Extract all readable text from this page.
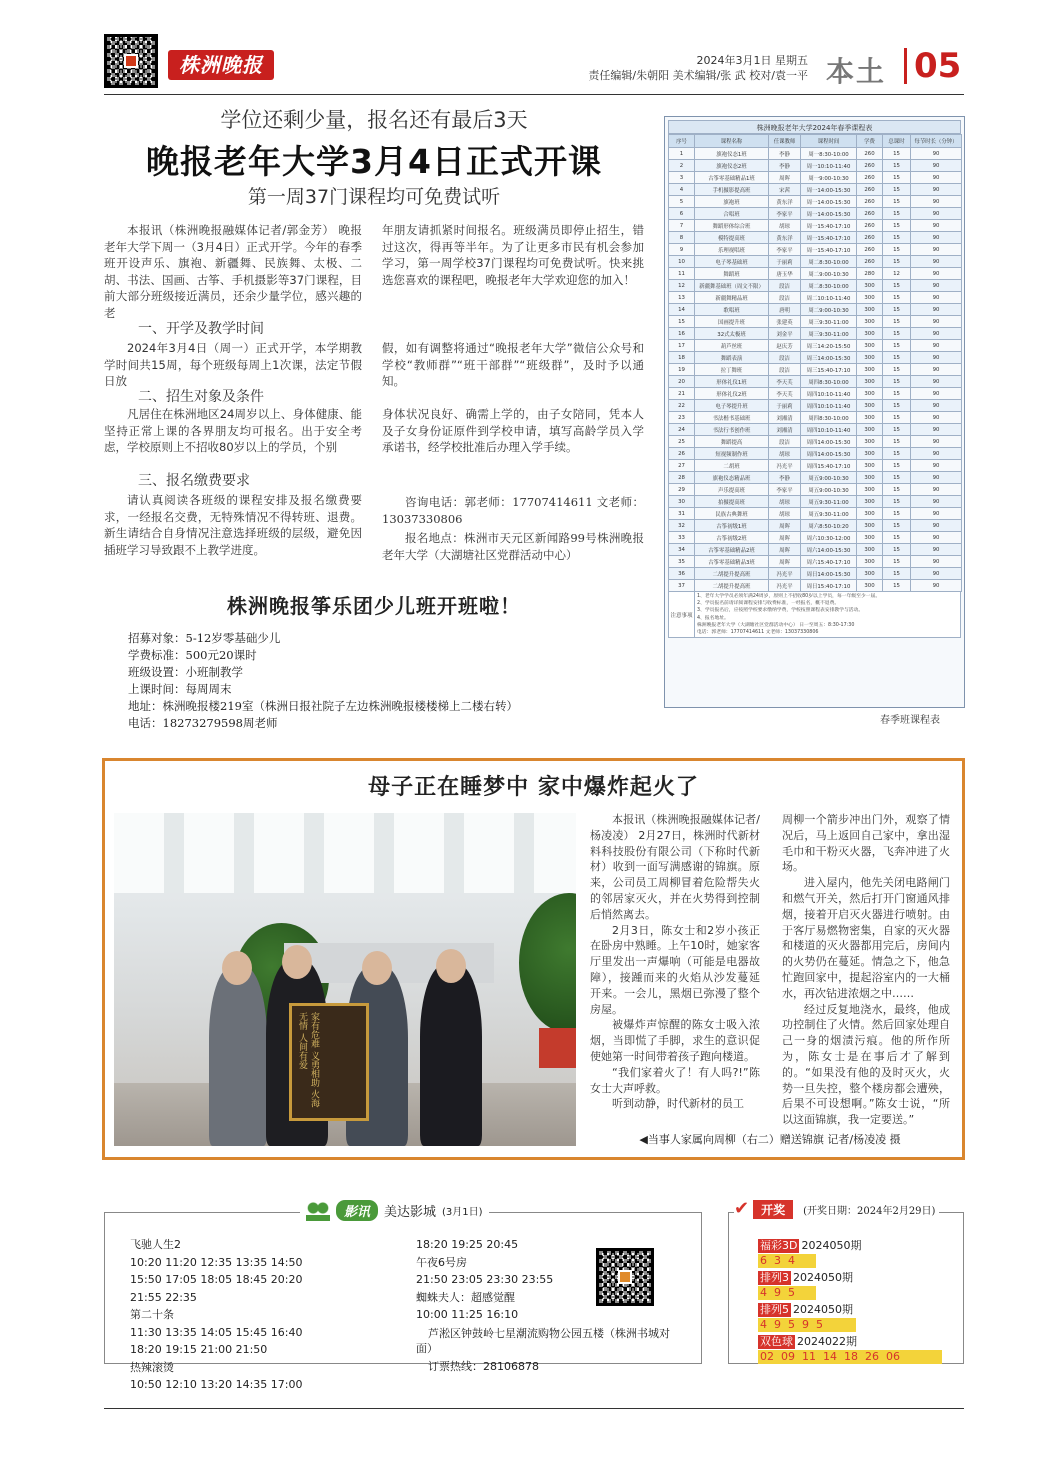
株洲晚报	2024年3月1日 星期五
责任编辑/朱朝阳 美术编辑/张 武 校对/袁一平 本土 05
学位还剩少量，报名还有最后3天
晚报老年大学3月4日正式开课
第一周37门课程均可免费试听

本报讯（株洲晚报融媒体记者/郭金芳） 晚报老年大学下周一（3月4日）正式开学。今年的春季班开设声乐、旗袍、新疆舞、民族舞、太极、二胡、书法、国画、古筝、手机摄影等37门课程，目前大部分班级接近满员，还余少量学位，感兴趣的老

年朋友请抓紧时间报名。班级满员即停止招生，错过这次，得再等半年。为了让更多市民有机会参加学习，第一周学校37门课程均可免费试听。快来挑选您喜欢的课程吧，晚报老年大学欢迎您的加入！

一、开学及教学时间

2024年3月4日（周一）正式开学，本学期教学时间共15周，每个班级每周上1次课，法定节假日放

假，如有调整将通过“晚报老年大学”微信公众号和学校“教师群”“班干部群”“班级群”，及时予以通知。

二、招生对象及条件

凡居住在株洲地区24周岁以上、身体健康、能坚持正常上课的各界朋友均可报名。出于安全考虑，学校原则上不招收80岁以上的学员，个别

身体状况良好、确需上学的，由子女陪同，凭本人及子女身份证原件到学校申请，填写高龄学员入学承诺书，经学校批准后办理入学手续。

三、报名缴费要求

请认真阅读各班级的课程安排及报名缴费要求，一经报名交费，无特殊情况不得转班、退费。新生请结合自身情况注意选择班级的层级，避免因插班学习导致跟不上教学进度。

咨询电话：郭老师：17707414611 文老师：13037330806

报名地点：株洲市天元区新闻路99号株洲晚报老年大学（大湖塘社区党群活动中心）

株洲晚报筝乐团少儿班开班啦！
招募对象：5-12岁零基础少儿
学费标准：500元20课时
班级设置：小班制教学
上课时间：每周周末
地址：株洲晚报楼219室（株洲日报社院子左边株洲晚报楼楼梯上二楼右转）
电话：18273279598周老师
株洲晚报老年大学2024年春季课程表
序号	课程名称	任课教师	课程时间	学费	总课时	每节时长（分钟）
1	旗袍仪态1班	李静	周一8:30-10:00	260	15	90
2	旗袍仪态2班	李静	周一10:10-11:40	260	15	90
3	古筝零基础精品1班	周晖	周一9:00-10:30	260	15	90
4	手机摄影提高班	宋茜	周一14:00-15:30	260	15	90
5	旗袍班	黄东洋	周一14:00-15:30	260	15	90
6	合唱班	李家平	周一14:00-15:30	260	15	90
7	舞蹈形体综合班	胡琼	周一15:40-17:10	260	15	90
8	模特提高班	黄东洋	周一15:40-17:10	260	15	90
9	乐理视唱班	李家平	周一15:40-17:10	260	15	90
10	电子琴基础班	于丽莉	周二8:30-10:00	260	15	90
11	舞蹈班	唐玉华	周二9:00-10:30	280	12	90
12	新疆舞基础班（周文不限）	段洁	周二8:30-10:00	300	15	90
13	新疆舞精品班	段洁	周二10:10-11:40	300	15	90
14	歌唱班	唐明	周二9:00-10:30	300	15	90
15	国画提升班	张建英	周三9:30-11:00	300	15	90
16	32式太极班	刘金平	周三9:30-11:00	300	15	90
17	葫芦丝班	赵庆芳	周三14:20-15:50	300	15	90
18	舞蹈表演	段洁	周三14:00-15:30	300	15	90
19	拉丁舞班	段洁	周三15:40-17:10	300	15	90
20	形体礼仪1班	李天芙	周四8:30-10:00	300	15	90
21	形体礼仪2班	李天芙	周四10:10-11:40	300	15	90
22	电子琴提升班	于丽莉	周四10:10-11:40	300	15	90
23	书法楷书基础班	刘湘清	周四8:30-10:00	300	15	90
24	书法行书创作班	刘湘清	周四10:10-11:40	300	15	90
25	舞蹈提高	段洁	周四14:00-15:30	300	15	90
26	短视频制作班	胡琼	周四14:00-15:30	300	15	90
27	二胡班	冯光平	周四15:40-17:10	300	15	90
28	旗袍仪态精品班	李静	周五9:00-10:30	300	15	90
29	声乐提高班	李家平	周五9:00-10:30	300	15	90
30	拍摄提高班	胡琼	周五9:30-11:00	300	15	90
31	民族古典舞班	胡琼	周五9:30-11:00	300	15	90
32	古筝初级1班	周晖	周六8:50-10:20	300	15	90
33	古筝初级2班	周晖	周六10:30-12:00	300	15	90
34	古筝零基础精品2班	周晖	周六14:00-15:30	300	15	90
35	古筝零基础精品3班	周晖	周六15:40-17:10	300	15	90
36	二胡提升提高班	冯光平	周日14:00-15:30	300	15	90
37	二胡提升提高班	冯光平	周日15:40-17:10	300	15	90
注意事项
1、老年大学学员必须年满24周岁，原则上不招收80岁以上学员，每一年级至少一届。
2、学员报名前请详阅课程安排与收费标准，一经报名，概不退费。
3、学员报名后，应按照学校要求缴纳学费，学校按照课程表安排教学与活动。
4、报名地址。
株洲晚报老年大学（大湖塘社区党群活动中心） 日一至周五：8:30-17:30
电话：郭老师：17707414611 文老师：13037330806
春季班课程表
母子正在睡梦中 家中爆炸起火了
家有危难 义勇相助 火海无情 人间有爱

本报讯（株洲晚报融媒体记者/杨凌凌） 2月27日，株洲时代新材料科技股份有限公司（下称时代新材）收到一面写满感谢的锦旗。原来，公司员工周柳冒着危险帮失火的邻居家灭火，并在火势得到控制后悄然离去。

2月3日，陈女士和2岁小孩正在卧房中熟睡。上午10时，她家客厅里发出一声爆响（可能是电器故障），接踵而来的火焰从沙发蔓延开来。一会儿，黑烟已弥漫了整个房屋。

被爆炸声惊醒的陈女士吸入浓烟，当即慌了手脚，求生的意识促使她第一时间带着孩子跑向楼道。

“我们家着火了！有人吗?!”陈女士大声呼救。

听到动静，时代新材的员工

周柳一个箭步冲出门外，观察了情况后，马上返回自己家中，拿出湿毛巾和干粉灭火器，飞奔冲进了火场。

进入屋内，他先关闭电路闸门和燃气开关，然后打开门窗通风排烟，接着开启灭火器进行喷射。由于客厅易燃物密集，自家的灭火器和楼道的灭火器都用完后，房间内的火势仍在蔓延。情急之下，他急忙跑回家中，提起浴室内的一大桶水，再次钻进浓烟之中……

经过反复地浇水，最终，他成功控制住了火情。然后回家处理自己一身的烟渍污痕。他的所作所为，陈女士是在事后才了解到的。“如果没有他的及时灭火，火势一旦失控，整个楼房都会遭殃，后果不可设想啊。”陈女士说，“所以这面锦旗，我一定要送。”

◀当事人家属向周柳（右二）赠送锦旗 记者/杨凌凌 摄
影讯	美达影城 (3月1日)
飞驰人生2
10:20 11:20 12:35 13:35 14:50
15:50 17:05 18:05 18:45 20:20
21:55 22:35
第二十条
11:30 13:35 14:05 15:45 16:40
18:20 19:15 21:00 21:50
热辣滚烫
10:50 12:10 13:20 14:35 17:00
18:20 19:25 20:45
午夜6号房
21:50 23:05 23:30 23:55
蜘蛛夫人：超感觉醒
10:00 11:25 16:10
芦淞区钟鼓岭七星潮流购物公园五楼（株洲书城对面）
订票热线：28106878
✔	开奖	(开奖日期：2024年2月29日)
福彩3D 2024050期
6  3  4
排列3 2024050期
4  9  5
排列5 2024050期
4  9  5  9  5
双色球 2024022期
02  09  11  14  18  26  06
